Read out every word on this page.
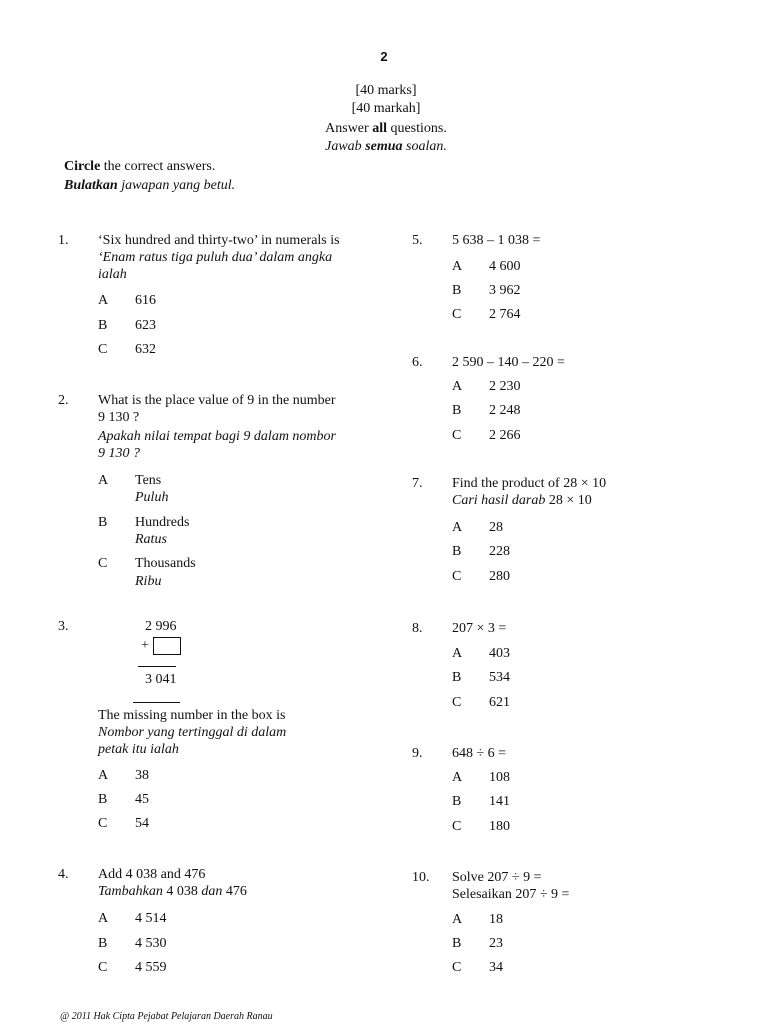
2
[40 marks]
[40 markah]
Answer all questions.
Jawab semua soalan.
Circle the correct answers.
Bulatkan jawapan yang betul.
1. ‘Six hundred and thirty-two’ in numerals is
‘Enam ratus tiga puluh dua’ dalam angka
ialah
A 616
B 623
C 632
2. What is the place value of 9 in the number
9 130 ?
Apakah nilai tempat bagi 9 dalam nombor
9 130 ?
A Tens
Puluh
B Hundreds
Ratus
C Thousands
Ribu
3.	2 996
+
3 041
The missing number in the box is
Nombor yang tertinggal di dalam
petak itu ialah
A 38
B 45
C 54
4. Add 4 038 and 476
Tambahkan 4 038 dan 476
A 4 514
B 4 530
C 4 559
5. 5 638 – 1 038 =
A 4 600
B 3 962
C 2 764
6. 2 590 – 140 – 220 =
A 2 230
B 2 248
C 2 266
7. Find the product of 28 × 10
Cari hasil darab 28 × 10
A 28
B 228
C 280
8. 207 × 3 =
A 403
B 534
C 621
9. 648 ÷ 6 =
A 108
B 141
C 180
10. Solve 207 ÷ 9 =
Selesaikan 207 ÷ 9 =
A 18
B 23
C 34
@ 2011 Hak Cipta Pejabat Pelajaran Daerah Ranau
